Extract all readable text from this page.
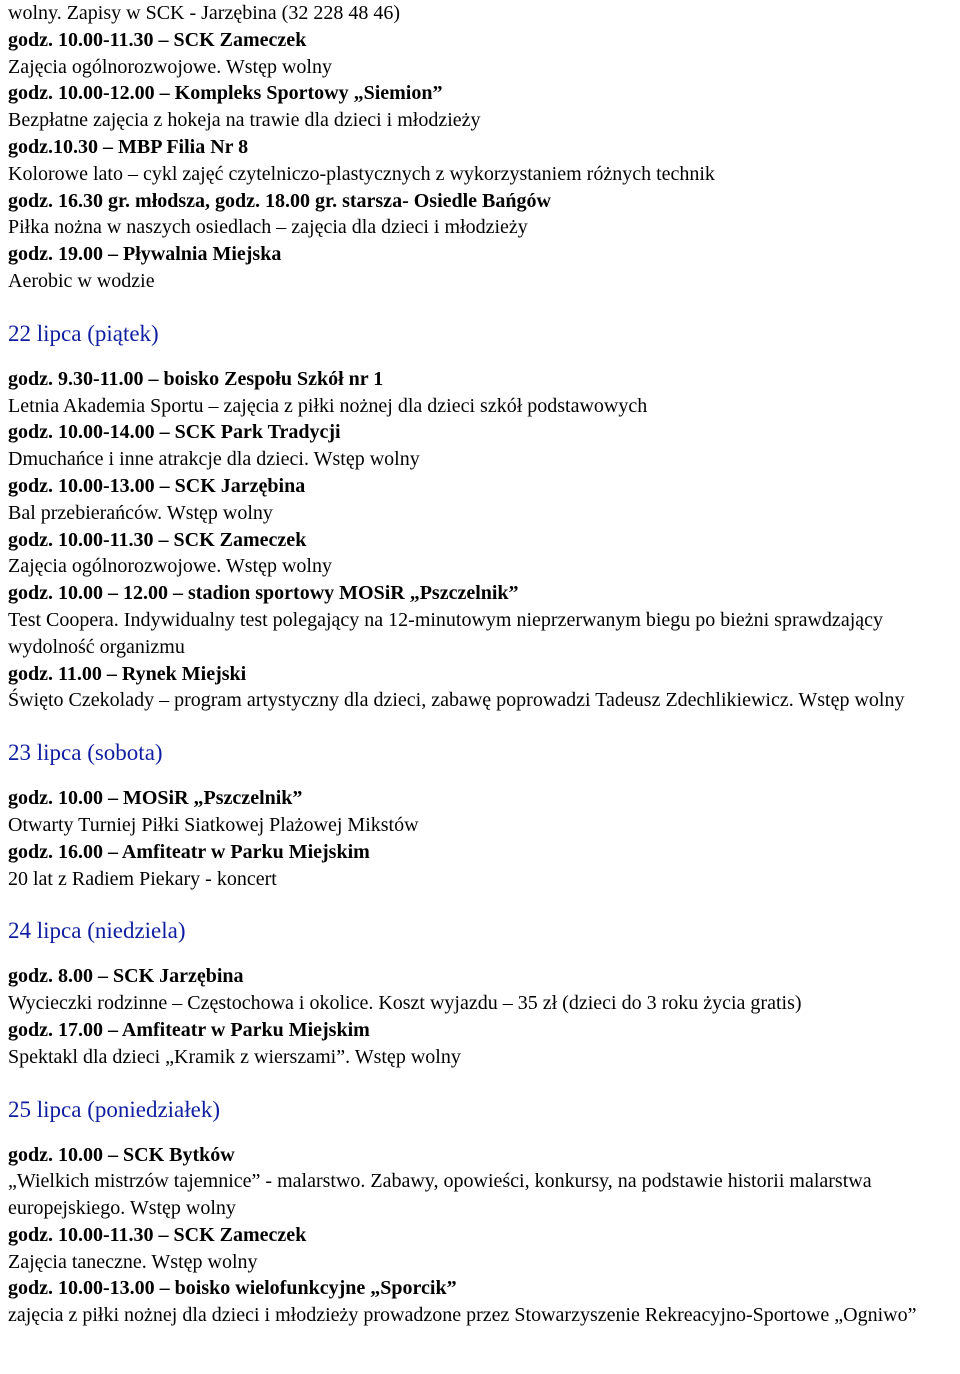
wolny. Zapisy w SCK - Jarzębina (32 228 48 46)
godz. 10.00-11.30 – SCK Zameczek
Zajęcia ogólnorozwojowe. Wstęp wolny
godz. 10.00-12.00 – Kompleks Sportowy „Siemion”
Bezpłatne zajęcia z hokeja na trawie dla dzieci i młodzieży
godz.10.30 – MBP Filia Nr 8
Kolorowe lato – cykl zajęć czytelniczo-plastycznych z wykorzystaniem różnych technik
godz. 16.30 gr. młodsza, godz. 18.00 gr. starsza- Osiedle Bańgów
Piłka nożna w naszych osiedlach – zajęcia dla dzieci i młodzieży
godz. 19.00 – Pływalnia Miejska
Aerobic w wodzie
22 lipca (piątek)
godz. 9.30-11.00 – boisko Zespołu Szkół nr 1
Letnia Akademia Sportu – zajęcia z piłki nożnej dla dzieci szkół podstawowych
godz. 10.00-14.00 – SCK Park Tradycji
Dmuchańce i inne atrakcje dla dzieci. Wstęp wolny
godz. 10.00-13.00 – SCK Jarzębina
Bal przebierańców. Wstęp wolny
godz. 10.00-11.30 – SCK Zameczek
Zajęcia ogólnorozwojowe. Wstęp wolny
godz. 10.00 – 12.00 – stadion sportowy MOSiR „Pszczelnik”
Test Coopera. Indywidualny test polegający na 12-minutowym nieprzerwanym biegu po bieżni sprawdzający wydolność organizmu
godz. 11.00 – Rynek Miejski
Święto Czekolady – program artystyczny dla dzieci, zabawę poprowadzi Tadeusz Zdechlikiewicz. Wstęp wolny
23 lipca (sobota)
godz. 10.00 – MOSiR „Pszczelnik”
Otwarty Turniej Piłki Siatkowej Plażowej Mikstów
godz. 16.00 – Amfiteatr w Parku Miejskim
20 lat z Radiem Piekary - koncert
24 lipca (niedziela)
godz. 8.00 – SCK Jarzębina
Wycieczki rodzinne – Częstochowa i okolice. Koszt wyjazdu – 35 zł (dzieci do 3 roku życia gratis)
godz. 17.00 – Amfiteatr w Parku Miejskim
Spektakl dla dzieci „Kramik z wierszami”. Wstęp wolny
25 lipca (poniedziałek)
godz. 10.00 – SCK Bytków
„Wielkich mistrzów tajemnice” - malarstwo. Zabawy, opowieści, konkursy, na podstawie historii malarstwa europejskiego. Wstęp wolny
godz. 10.00-11.30 – SCK Zameczek
Zajęcia taneczne. Wstęp wolny
godz. 10.00-13.00 – boisko wielofunkcyjne „Sporcik”
zajęcia z piłki nożnej dla dzieci i młodzieży prowadzone przez Stowarzyszenie Rekreacyjno-Sportowe „Ogniwo”
